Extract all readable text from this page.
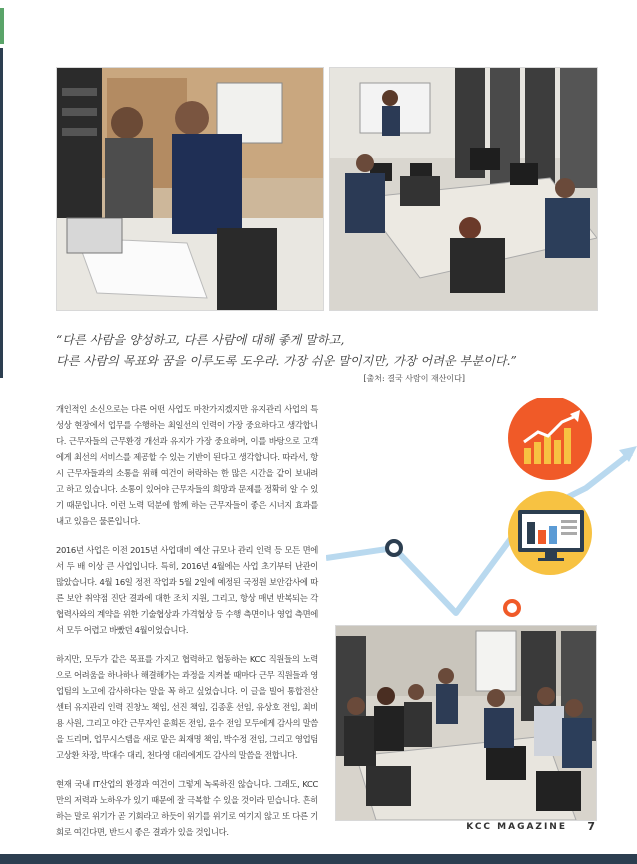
“다른 사람을 양성하고, 다른 사람에 대해 좋게 말하고,
다른 사람의 목표와 꿈을 이루도록 도우라. 가장 쉬운 말이지만, 가장 어려운 부분이다.”
[출처: 결국 사람이 재산이다]

개인적인 소신으로는 다른 어떤 사업도 마찬가지겠지만 유지관리 사업의 특성상 현장에서 업무를 수행하는 최일선의 인력이 가장 중요하다고 생각합니다. 근무자들의 근무환경 개선과 유지가 가장 중요하며, 이를 바탕으로 고객에게 최선의 서비스를 제공할 수 있는 기반이 된다고 생각합니다. 따라서, 항시 근무자들과의 소통을 위해 여건이 허락하는 한 많은 시간을 같이 보내려고 하고 있습니다. 소통이 있어야 근무자들의 희망과 문제를 정확히 알 수 있기 때문입니다. 이런 노력 덕분에 함께 하는 근무자들이 좋은 시너지 효과를 내고 있음은 물론입니다.

2016년 사업은 이전 2015년 사업대비 예산 규모나 관리 인력 등 모든 면에서 두 배 이상 큰 사업입니다. 특히, 2016년 4월에는 사업 초기부터 난관이 많았습니다. 4월 16일 정전 작업과 5월 2일에 예정된 국정원 보안감사에 따른 보안 취약점 진단 결과에 대한 조치 지원, 그리고, 항상 매년 반복되는 각 협력사와의 계약을 위한 기술협상과 가격협상 등 수행 측면이나 영업 측면에서 모두 어렵고 바빴던 4월이었습니다.

하지만, 모두가 같은 목표를 가지고 협력하고 협동하는 KCC 직원들의 노력으로 어려움을 하나하나 해결해가는 과정을 지켜볼 때마다 근무 직원들과 영업팀의 노고에 감사하다는 말을 꼭 하고 싶었습니다. 이 글을 빌어 통합전산센터 유지관리 인력 진창노 책임, 선진 책임, 김종훈 선임, 유상호 전임, 최비용 사원, 그리고 야간 근무자인 윤희돈 전임, 윤수 전임 모두에게 감사의 말씀을 드리며, 업무시스템을 새로 맡은 최재명 책임, 박수정 전임, 그리고 영업팀 고상환 차장, 박대수 대리, 천다영 대리에게도 감사의 말씀을 전합니다.

현재 국내 IT산업의 환경과 여건이 그렇게 녹록하진 않습니다. 그래도, KCC만의 저력과 노하우가 있기 때문에 잘 극복할 수 있을 것이라 믿습니다. 흔히 하는 말로 위기가 곧 기회라고 하듯이 위기를 위기로 여기지 않고 또 다른 기회로 여긴다면, 반드시 좋은 결과가 있을 것입니다.	KCC MAGAZINE 7
